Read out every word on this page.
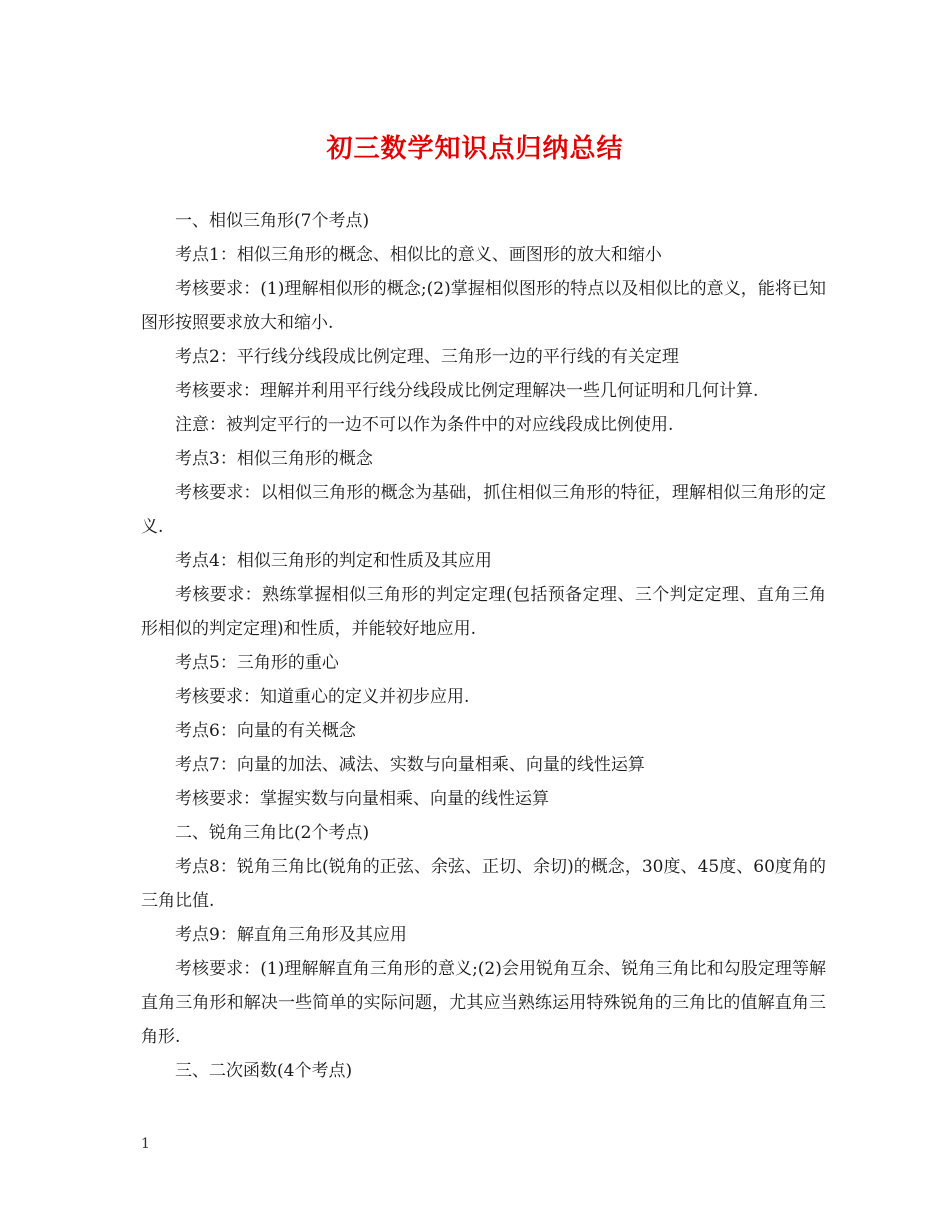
初三数学知识点归纳总结

一、相似三角形(7个考点)

考点1：相似三角形的概念、相似比的意义、画图形的放大和缩小

考核要求：(1)理解相似形的概念;(2)掌握相似图形的特点以及相似比的意义，能将已知图形按照要求放大和缩小.

考点2：平行线分线段成比例定理、三角形一边的平行线的有关定理

考核要求：理解并利用平行线分线段成比例定理解决一些几何证明和几何计算.

注意：被判定平行的一边不可以作为条件中的对应线段成比例使用.

考点3：相似三角形的概念

考核要求：以相似三角形的概念为基础，抓住相似三角形的特征，理解相似三角形的定义.

考点4：相似三角形的判定和性质及其应用

考核要求：熟练掌握相似三角形的判定定理(包括预备定理、三个判定定理、直角三角形相似的判定定理)和性质，并能较好地应用.

考点5：三角形的重心

考核要求：知道重心的定义并初步应用.

考点6：向量的有关概念

考点7：向量的加法、减法、实数与向量相乘、向量的线性运算

考核要求：掌握实数与向量相乘、向量的线性运算

二、锐角三角比(2个考点)

考点8：锐角三角比(锐角的正弦、余弦、正切、余切)的概念，30度、45度、60度角的三角比值.

考点9：解直角三角形及其应用

考核要求：(1)理解解直角三角形的意义;(2)会用锐角互余、锐角三角比和勾股定理等解直角三角形和解决一些简单的实际问题，尤其应当熟练运用特殊锐角的三角比的值解直角三角形.

三、二次函数(4个考点)

1
